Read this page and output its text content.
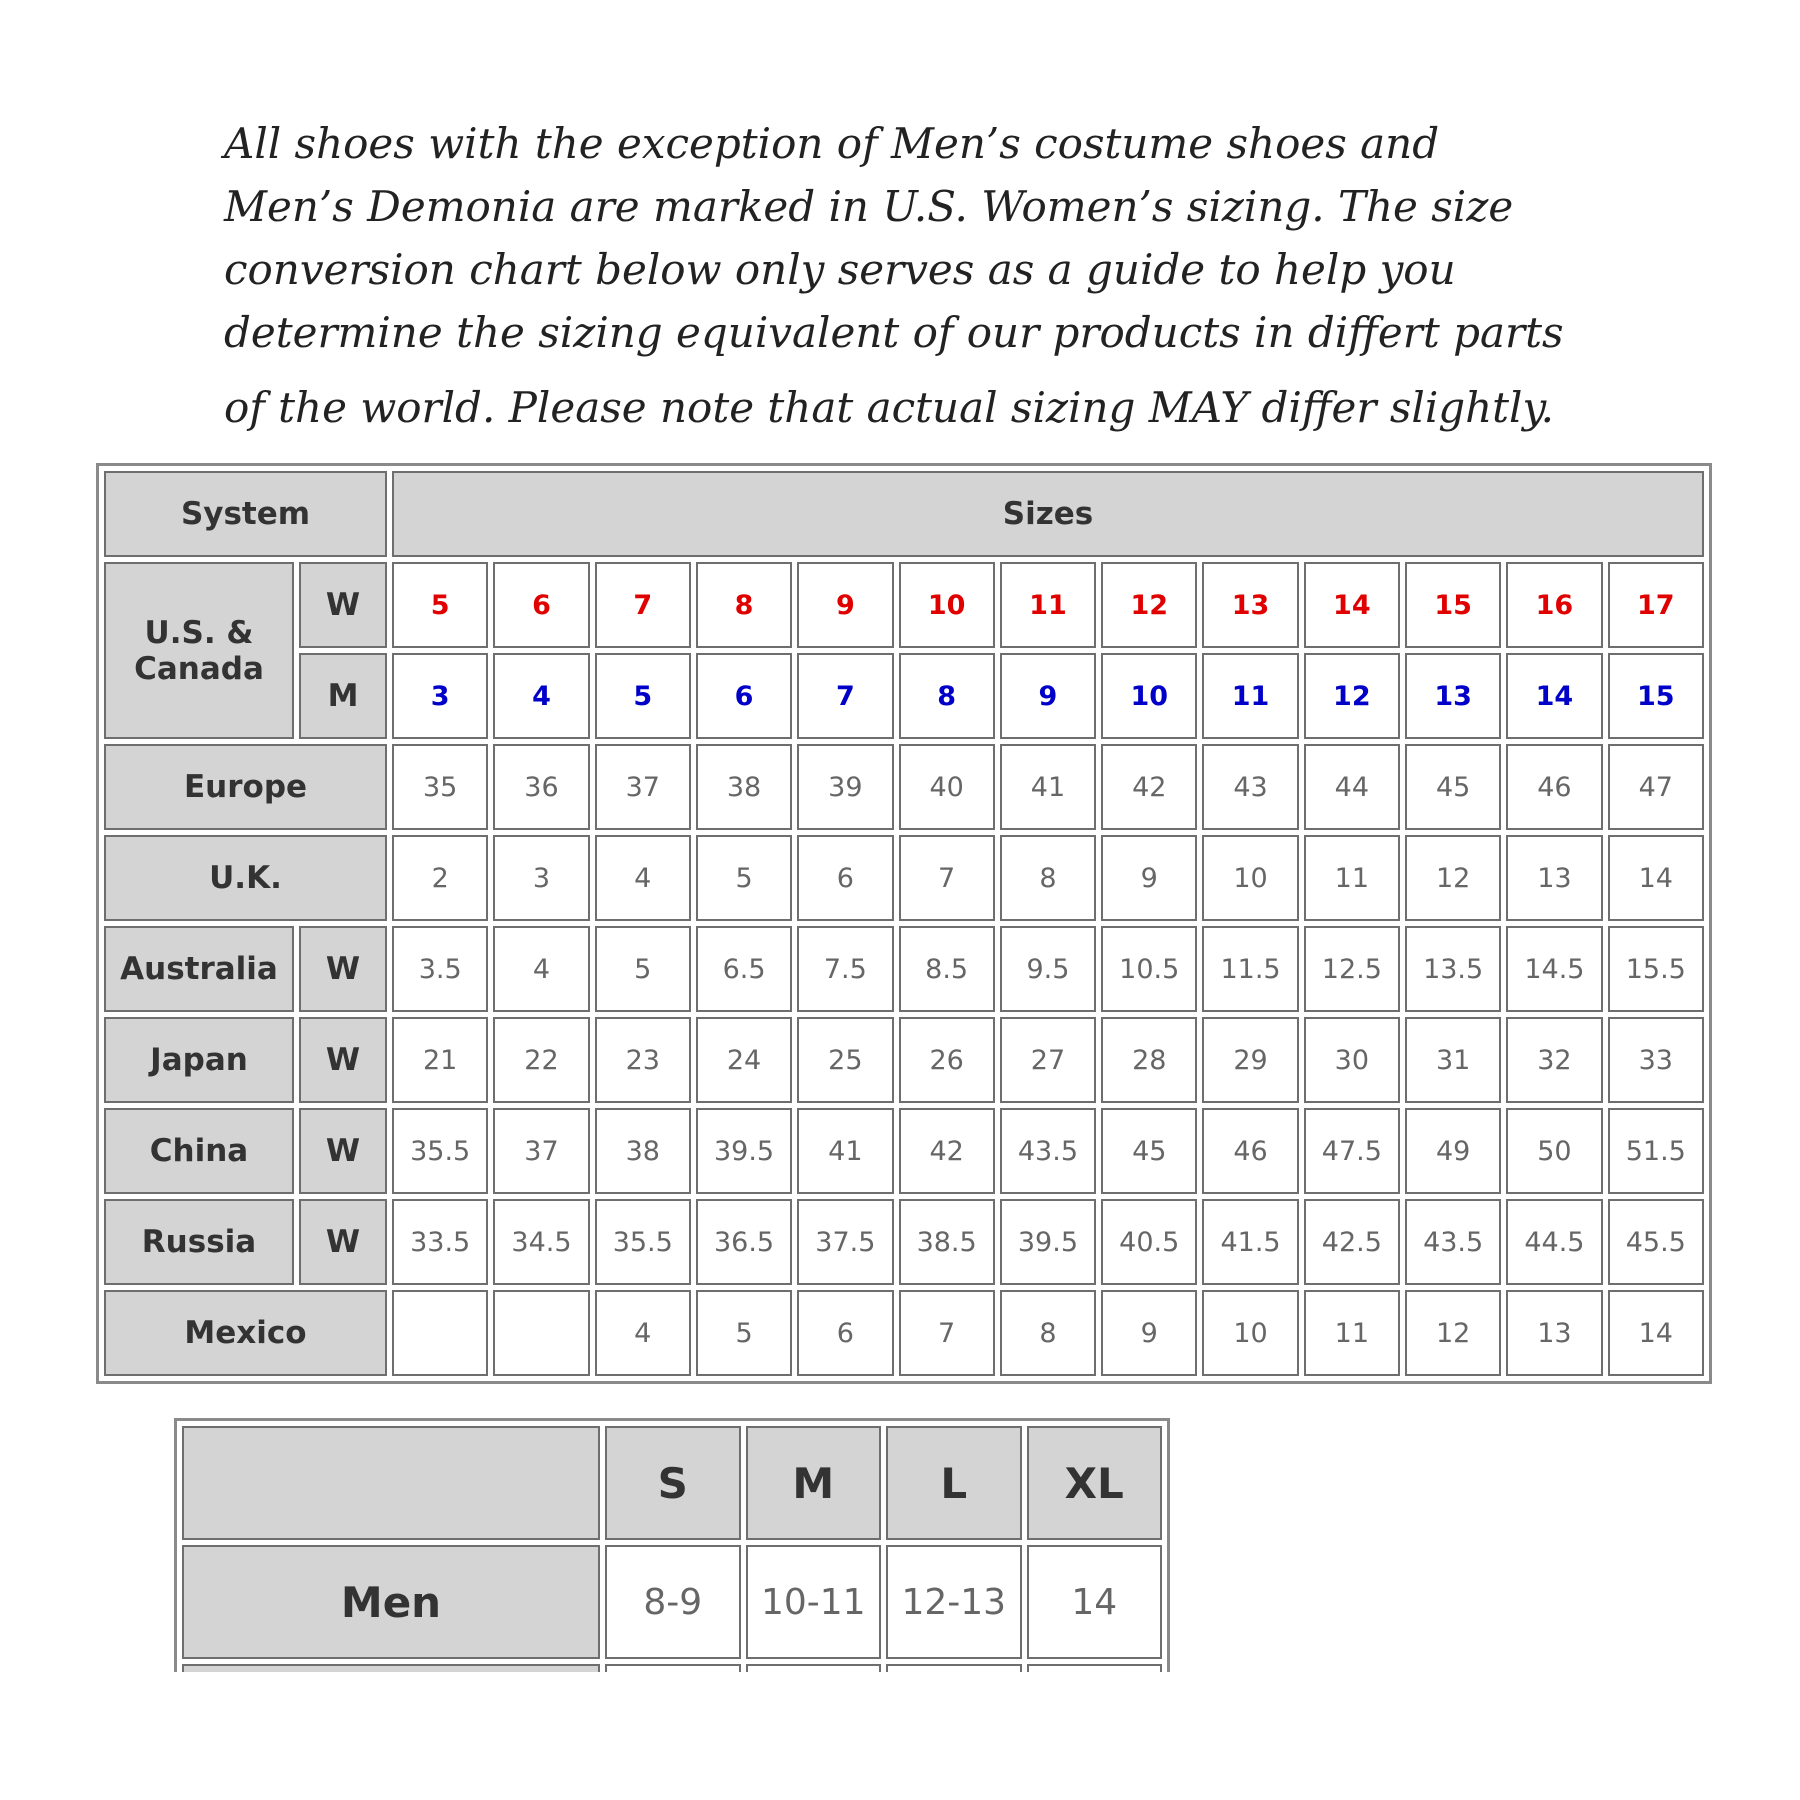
All shoes with the exception of Men’s costume shoes and
Men’s Demonia are marked in U.S. Women’s sizing. The size
conversion chart below only serves as a guide to help you
determine the sizing equivalent of our products in differt parts
of the world. Please note that actual sizing MAY differ slightly.
System		Sizes												
U.S. & Canada	W	5	6	7	8	9	10	11	12	13	14	15	16	17
	M	3	4	5	6	7	8	9	10	11	12	13	14	15
Europe		35	36	37	38	39	40	41	42	43	44	45	46	47
U.K.		2	3	4	5	6	7	8	9	10	11	12	13	14
Australia	W	3.5	4	5	6.5	7.5	8.5	9.5	10.5	11.5	12.5	13.5	14.5	15.5
Japan	W	21	22	23	24	25	26	27	28	29	30	31	32	33
China	W	35.5	37	38	39.5	41	42	43.5	45	46	47.5	49	50	51.5
Russia	W	33.5	34.5	35.5	36.5	37.5	38.5	39.5	40.5	41.5	42.5	43.5	44.5	45.5
Mexico				4	5	6	7	8	9	10	11	12	13	14
	S	M	L	XL
Men	8-9	10-11	12-13	14
